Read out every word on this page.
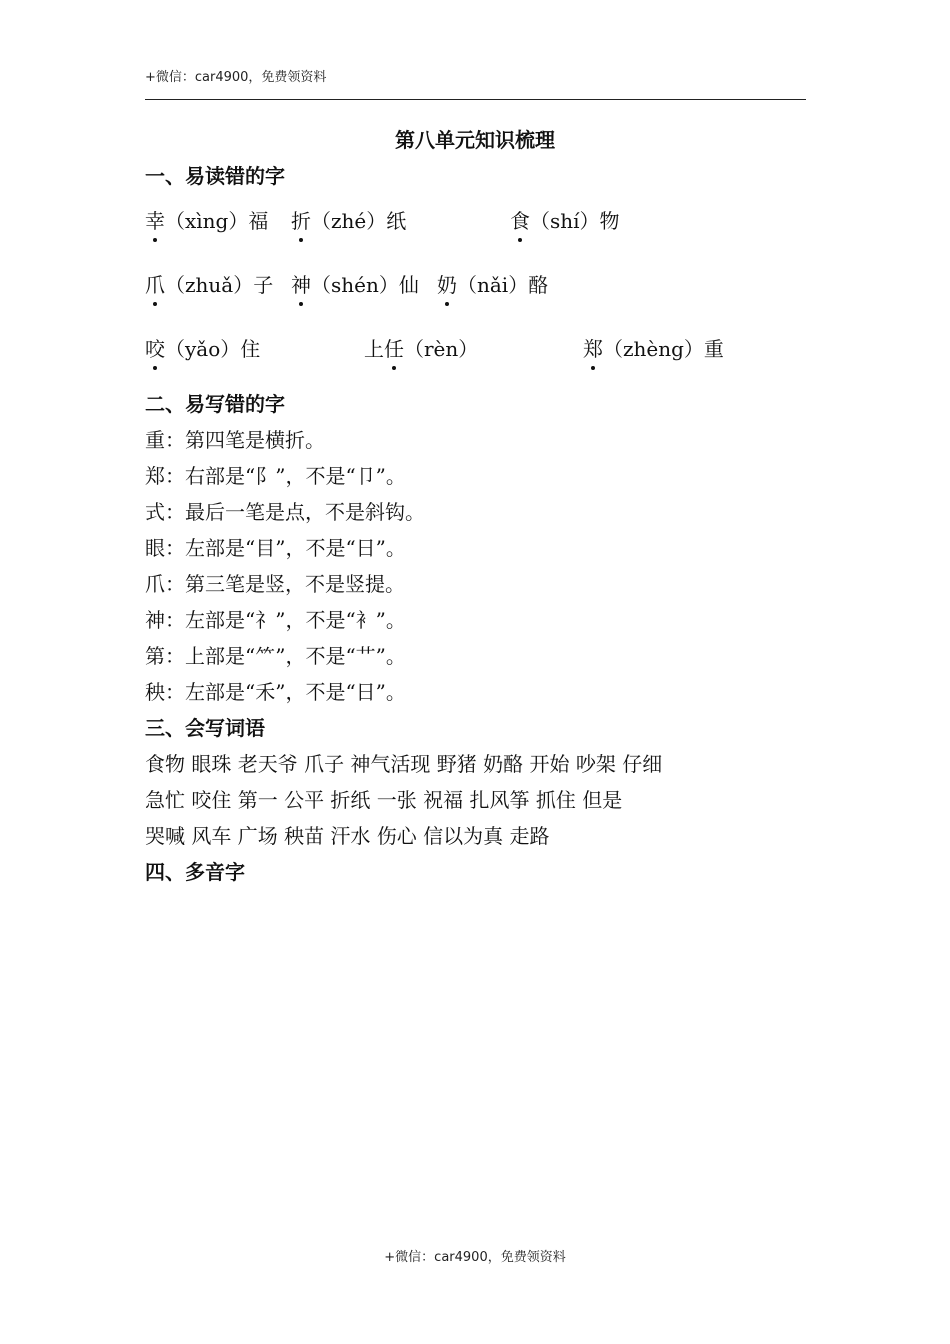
+微信：car4900，免费领资料
第八单元知识梳理
一、易读错的字
幸（xìng）福 折（zhé）纸	食（shí）物
爪（zhuǎ）子 神（shén）仙 奶（nǎi）酪
咬（yǎo）住	上任（rèn）	郑（zhèng）重
二、易写错的字
重：第四笔是横折。
郑：右部是“阝”，不是“卩”。
式：最后一笔是点，不是斜钩。
眼：左部是“目”，不是“日”。
爪：第三笔是竖，不是竖提。
神：左部是“礻”，不是“衤”。
第：上部是“⺮”，不是“艹”。
秧：左部是“禾”，不是“日”。
三、会写词语
食物 眼珠 老天爷 爪子 神气活现 野猪 奶酪 开始 吵架 仔细
急忙 咬住 第一 公平 折纸 一张 祝福 扎风筝 抓住 但是
哭喊 风车 广场 秧苗 汗水 伤心 信以为真 走路
四、多音字
+微信：car4900，免费领资料
